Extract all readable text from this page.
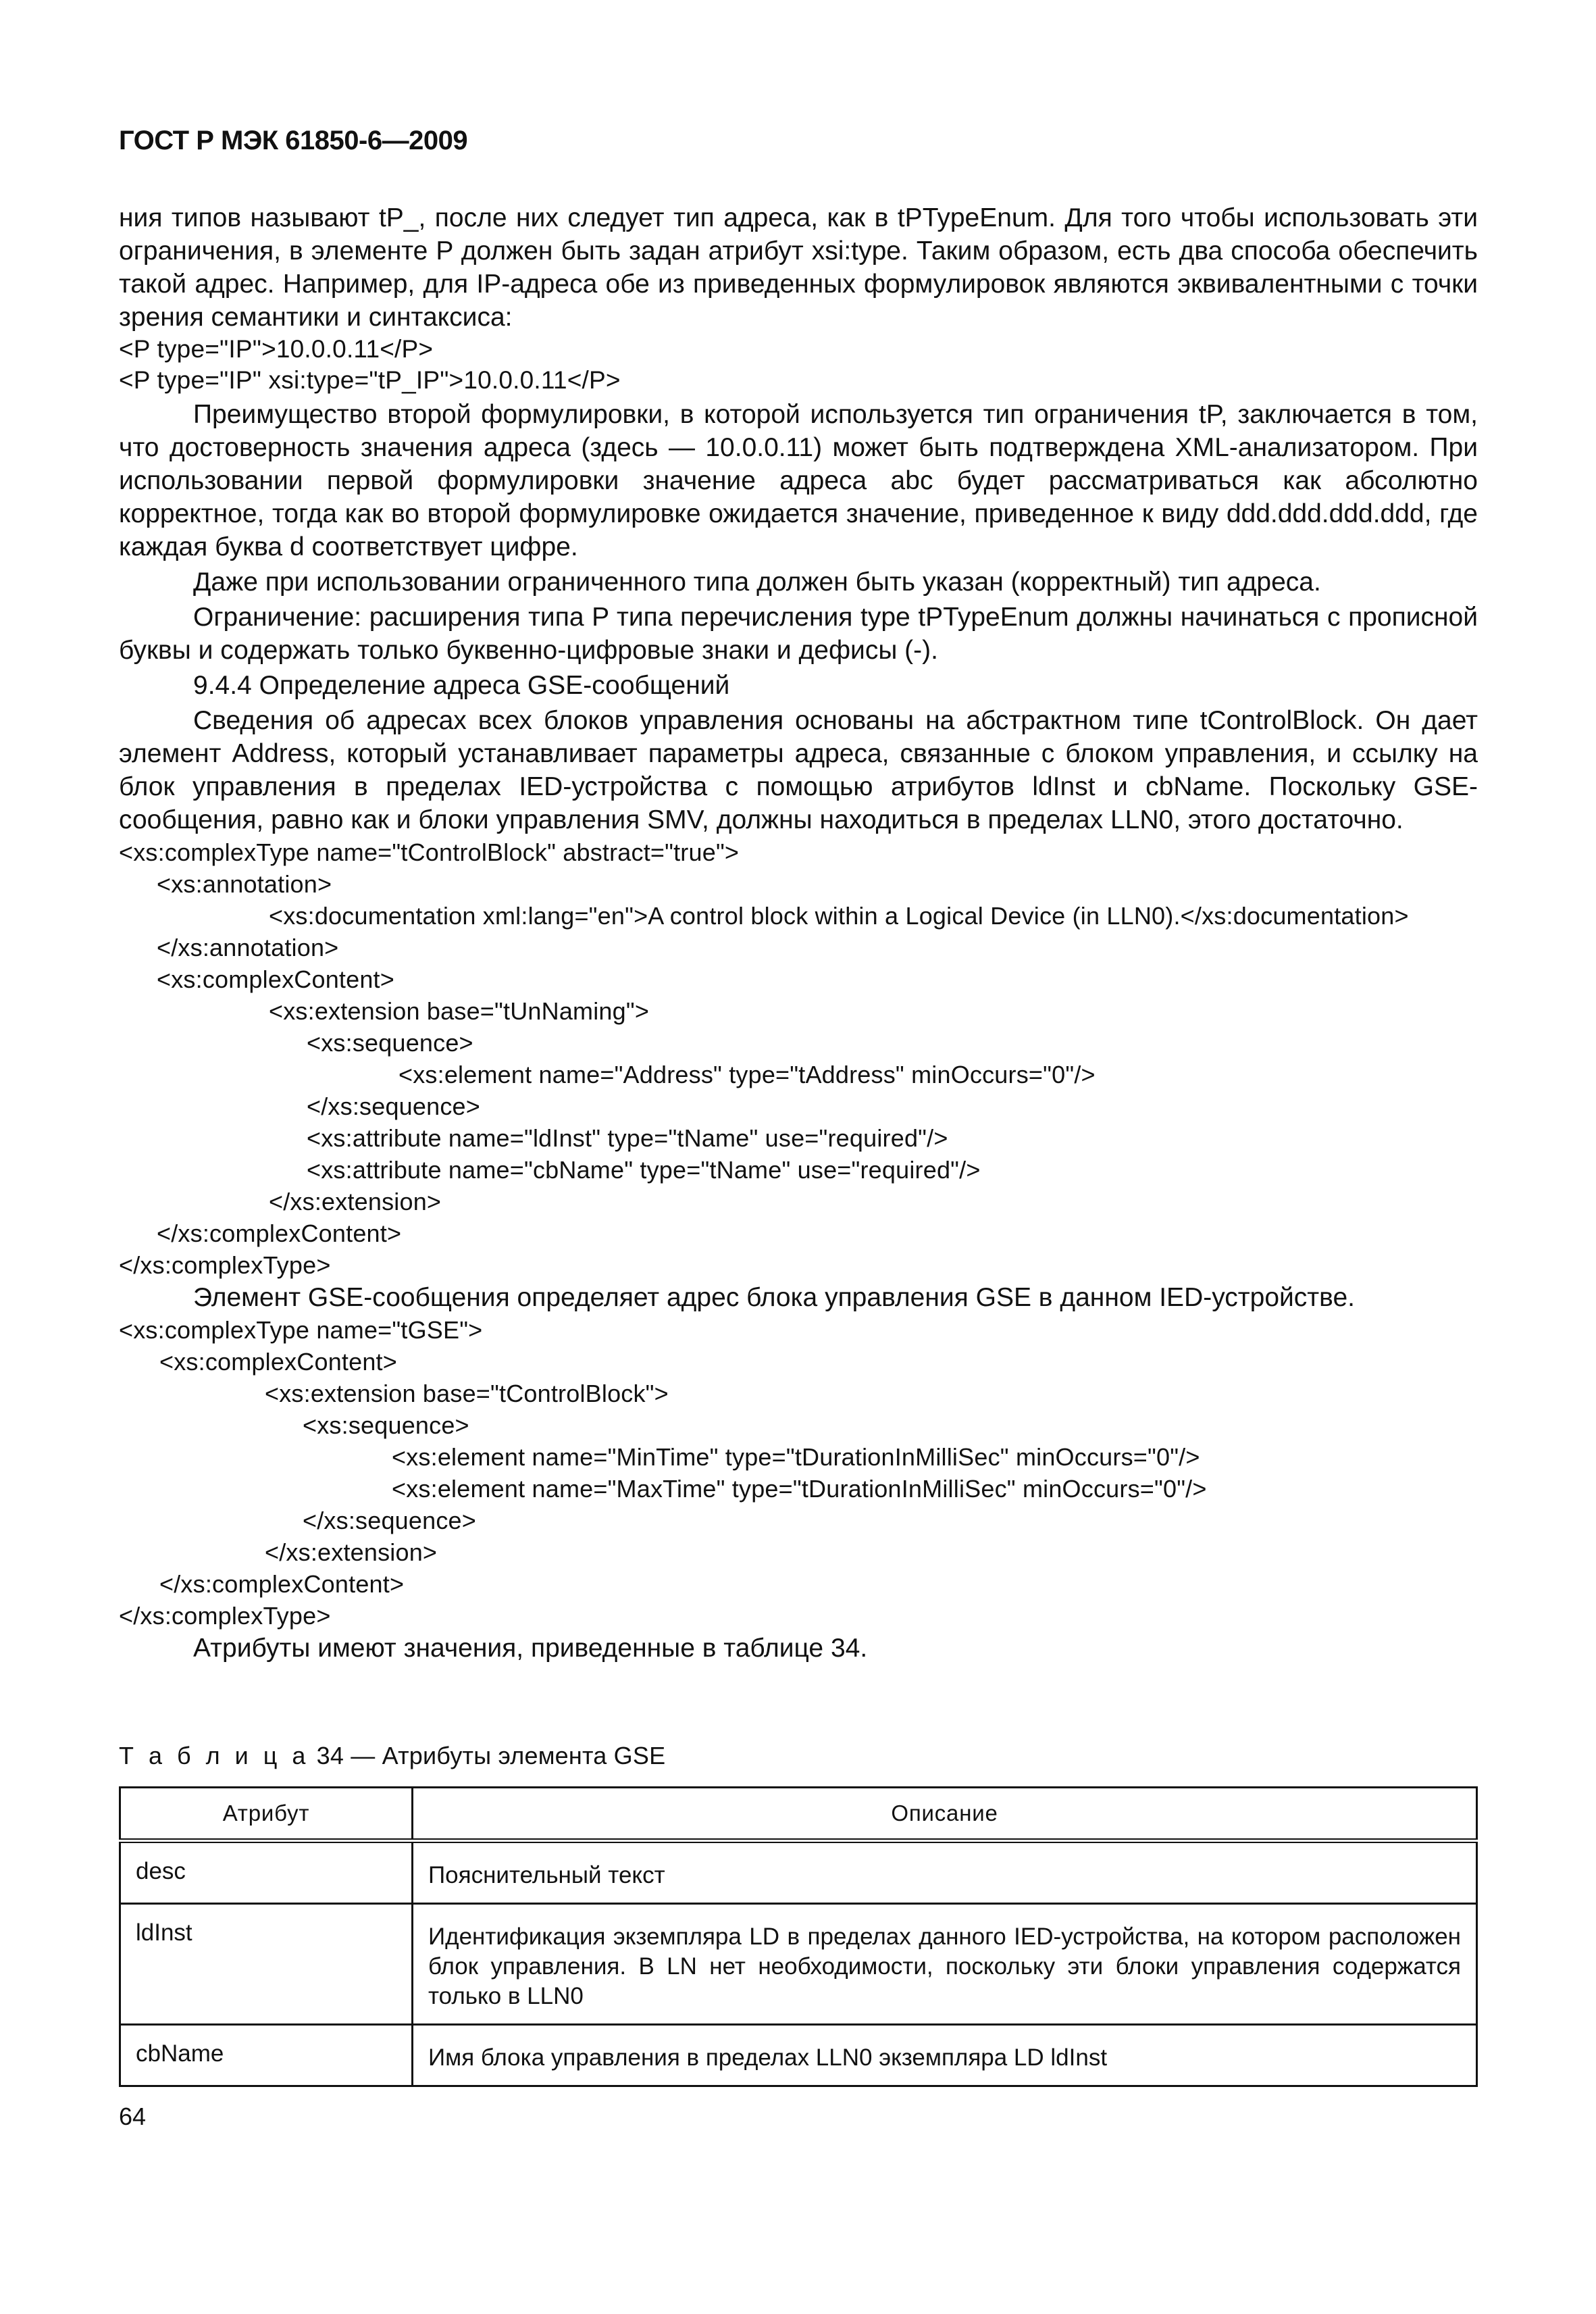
ГОСТ Р МЭК 61850-6—2009

ния типов называют tP_, после них следует тип адреса, как в tPTypeEnum. Для того чтобы использовать эти ограничения, в элементе P должен быть задан атрибут xsi:type. Таким образом, есть два способа обеспечить такой адрес. Например, для IP-адреса обе из приведенных формулировок являются эквивалентными с точки зрения семантики и синтаксиса:

<P type="IP">10.0.0.11</P>

<P type="IP" xsi:type="tP_IP">10.0.0.11</P>

Преимущество второй формулировки, в которой используется тип ограничения tP, заключается в том, что достоверность значения адреса (здесь — 10.0.0.11) может быть подтверждена XML-анализатором. При использовании первой формулировки значение адреса abc будет рассматриваться как абсолютно корректное, тогда как во второй формулировке ожидается значение, приведенное к виду ddd.ddd.ddd.ddd, где каждая буква d соответствует цифре.

Даже при использовании ограниченного типа должен быть указан (корректный) тип адреса.

Ограничение: расширения типа P типа перечисления type tPTypeEnum должны начинаться с прописной буквы и содержать только буквенно-цифровые знаки и дефисы (-).

9.4.4 Определение адреса GSE-сообщений

Сведения об адресах всех блоков управления основаны на абстрактном типе tControlBlock. Он дает элемент Address, который устанавливает параметры адреса, связанные с блоком управления, и ссылку на блок управления в пределах IED-устройства с помощью атрибутов ldInst и cbName. Поскольку GSE-сообщения, равно как и блоки управления SMV, должны находиться в пределах LLN0, этого достаточно.

<xs:complexType name="tControlBlock" abstract="true">

<xs:annotation>

<xs:documentation xml:lang="en">A control block within a Logical Device (in LLN0).</xs:documentation>

</xs:annotation>

<xs:complexContent>

<xs:extension base="tUnNaming">

<xs:sequence>

<xs:element name="Address" type="tAddress" minOccurs="0"/>

</xs:sequence>

<xs:attribute name="ldInst" type="tName" use="required"/>

<xs:attribute name="cbName" type="tName" use="required"/>

</xs:extension>

</xs:complexContent>

</xs:complexType>

Элемент GSE-сообщения определяет адрес блока управления GSE в данном IED-устройстве.

<xs:complexType name="tGSE">

<xs:complexContent>

<xs:extension base="tControlBlock">

<xs:sequence>

<xs:element name="MinTime" type="tDurationInMilliSec" minOccurs="0"/>

<xs:element name="MaxTime" type="tDurationInMilliSec" minOccurs="0"/>

</xs:sequence>

</xs:extension>

</xs:complexContent>

</xs:complexType>

Атрибуты имеют значения, приведенные в таблице 34.

Т а б л и ц а 34 — Атрибуты элемента GSE
Атрибут	Описание
desc	Пояснительный текст
ldInst	Идентификация экземпляра LD в пределах данного IED-устройства, на котором расположен блок управления. В LN нет необходимости, поскольку эти блоки управления содержатся только в LLN0
cbName	Имя блока управления в пределах LLN0 экземпляра LD ldInst
64
